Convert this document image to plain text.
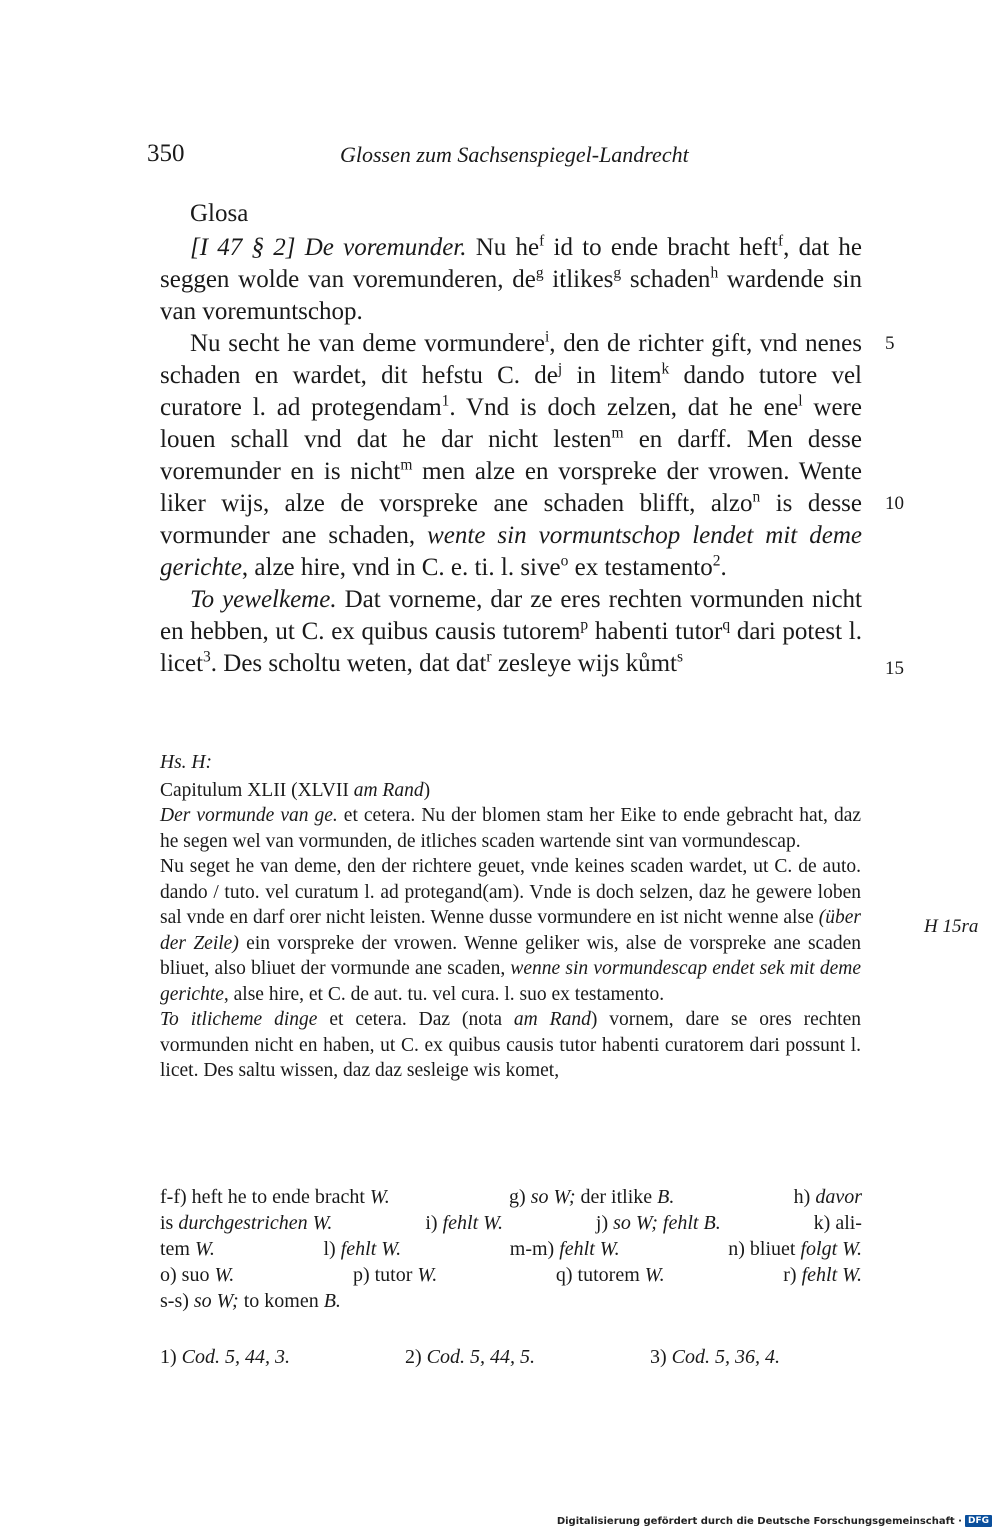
350	Glossen zum Sachsenspiegel-Landrecht

Glosa

[I 47 § 2] De voremunder. Nu $he^f$ id to ende bracht heft$^f$, dat he seggen wolde van voremunderen, $de^g$ itlikes$^g$ schaden$^h$ wardende sin van voremuntschop.

Nu secht he van deme vormundere$^i$, den de richter gift, vnd nenes schaden en wardet, dit hefstu C. $de^j$ in litem$^k$ dando tutore vel curatore l. ad protegendam$^1$. Vnd is doch zelzen, dat he ene$^l$ were louen schall vnd dat he dar nicht lesten$^m$ en darff. Men desse voremunder en is nicht$^m$ men alze en vorspreke der vrowen. Wente liker wijs, alze de vorspreke ane schaden blifft, alzo$^n$ is desse vormunder ane schaden, wente sin vormuntschop lendet mit deme gerichte, alze hire, vnd in C. e. ti. l. sive$^o$ ex testamento$^2$.

To yewelkeme. Dat vorneme, dar ze eres rechten vormunden nicht en hebben, ut C. ex quibus causis tutorem$^p$ habenti tutor$^q$ dari potest l. licet$^3$. Des scholtu weten, dat dat$^r$ zesleye wijs kůmt$^s$

5
10
15

Hs. H:

Capitulum XLII (XLVII am Rand)

Der vormunde van ge. et cetera. Nu der blomen stam her Eike to ende gebracht hat, daz he segen wel van vormunden, de itliches scaden wartende sint van vormundescap.

Nu seget he van deme, den der richtere geuet, vnde keines scaden wardet, ut C. de auto. dando / tuto. vel curatum l. ad protegand(am). Vnde is doch selzen, daz he gewere loben sal vnde en darf orer nicht leisten. Wenne dusse vormundere en ist nicht wenne alse (über der Zeile) ein vorspreke der vrowen. Wenne geliker wis, alse de vorspreke ane scaden bliuet, also bliuet der vormunde ane scaden, wenne sin vormundescap endet sek mit deme gerichte, alse hire, et C. de aut. tu. vel cura. l. suo ex testamento.

To itlicheme dinge et cetera. Daz (nota am Rand) vornem, dare se ores rechten vormunden nicht en haben, ut C. ex quibus causis tutor habenti curatorem dari possunt l. licet. Des saltu wissen, daz daz sesleige wis komet,

H 15ra
f-f) heft he to ende bracht W.	g) so W; der itlike B.	h) davor
is durchgestrichen W.	i) fehlt W.	j) so W; fehlt B.	k) ali-
tem W.	l) fehlt W.	m-m) fehlt W.	n) bliuet folgt W.
o) suo W.	p) tutor W.	q) tutorem W.	r) fehlt W.
s-s) so W; to komen B.
1) Cod. 5, 44, 3.	2) Cod. 5, 44, 5.	3) Cod. 5, 36, 4.
Digitalisierung gefördert durch die Deutsche Forschungsgemeinschaft · DFG
